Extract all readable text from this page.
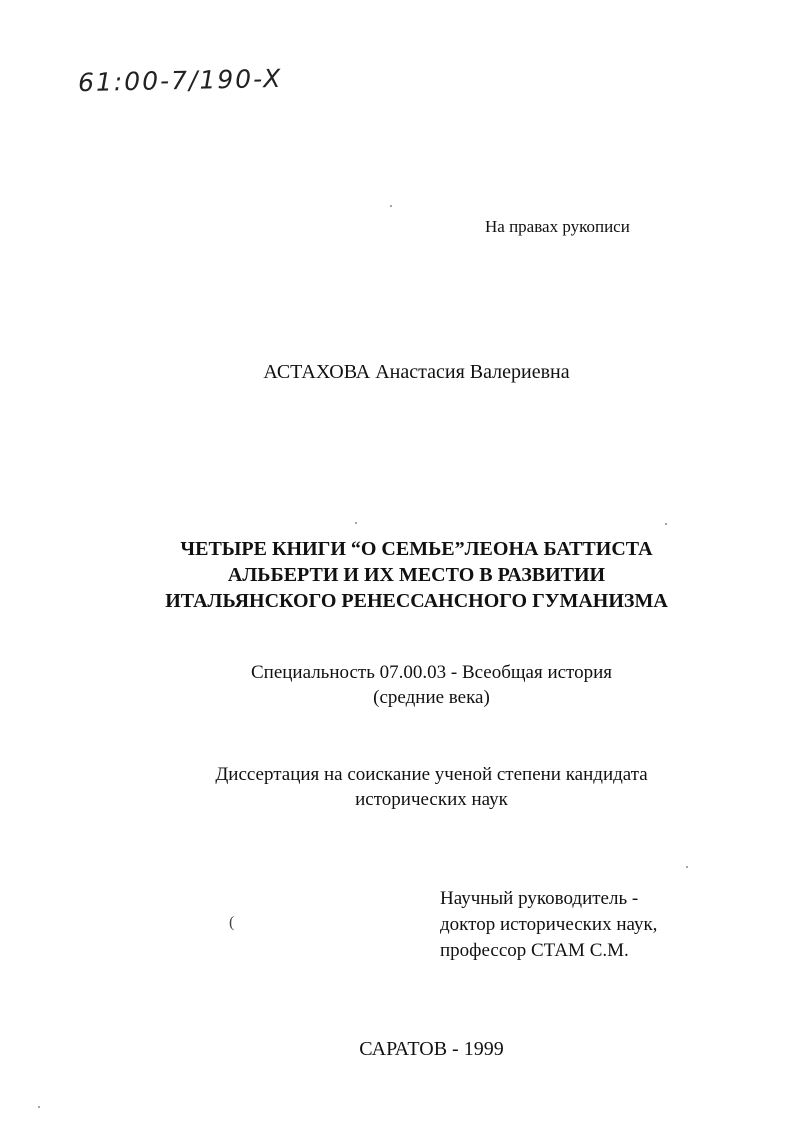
61:00-7/190-X
На правах рукописи
АСТАХОВА Анастасия Валериевна
ЧЕТЫРЕ КНИГИ “О СЕМЬЕ”ЛЕОНА БАТТИСТА
АЛЬБЕРТИ И ИХ МЕСТО В РАЗВИТИИ
ИТАЛЬЯНСКОГО РЕНЕССАНСНОГО ГУМАНИЗМА
Специальность 07.00.03 - Всеобщая история
(средние века)
Диссертация на соискание ученой степени кандидата
исторических наук
(
Научный руководитель -
доктор исторических наук,
профессор СТАМ С.М.
САРАТОВ - 1999
